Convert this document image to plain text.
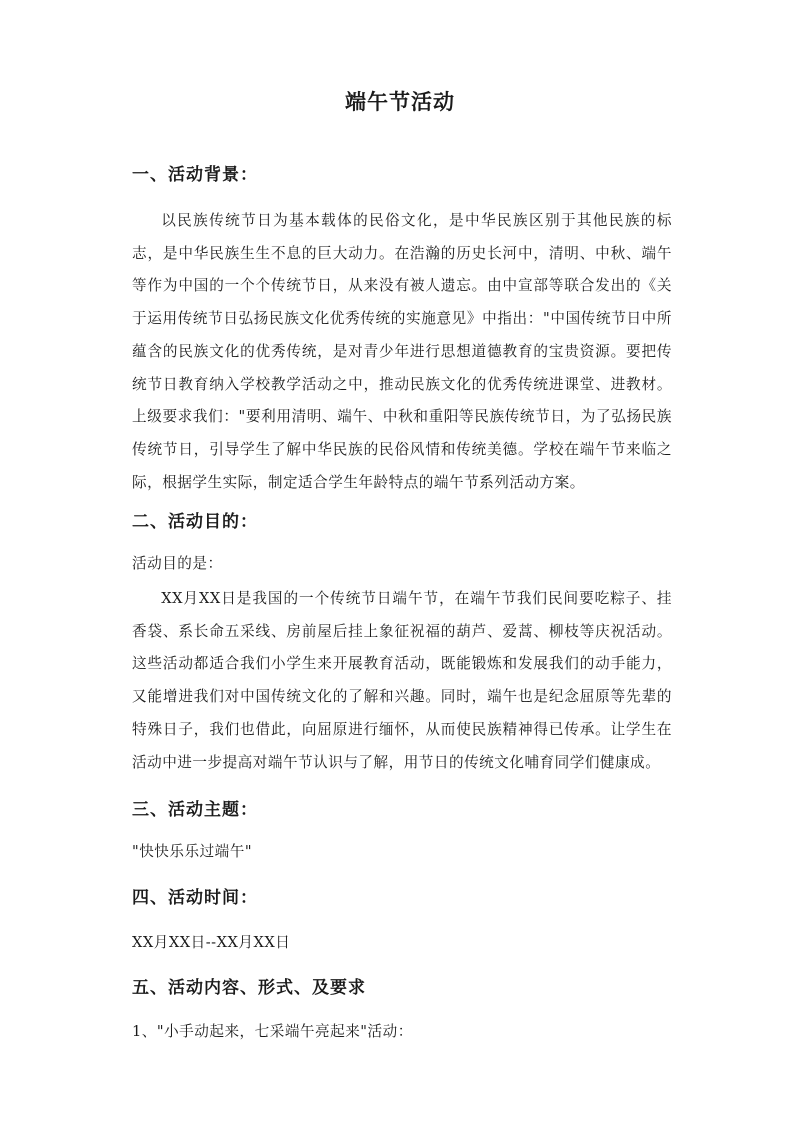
端午节活动
一、活动背景：

以民族传统节日为基本载体的民俗文化，是中华民族区别于其他民族的标志，是中华民族生生不息的巨大动力。在浩瀚的历史长河中，清明、中秋、端午等作为中国的一个个传统节日，从来没有被人遗忘。由中宣部等联合发出的《关于运用传统节日弘扬民族文化优秀传统的实施意见》中指出："中国传统节日中所蕴含的民族文化的优秀传统，是对青少年进行思想道德教育的宝贵资源。要把传统节日教育纳入学校教学活动之中，推动民族文化的优秀传统进课堂、进教材。上级要求我们："要利用清明、端午、中秋和重阳等民族传统节日，为了弘扬民族传统节日，引导学生了解中华民族的民俗风情和传统美德。学校在端午节来临之际，根据学生实际，制定适合学生年龄特点的端午节系列活动方案。

二、活动目的：

活动目的是：

XX月XX日是我国的一个传统节日端午节，在端午节我们民间要吃粽子、挂香袋、系长命五采线、房前屋后挂上象征祝福的葫芦、爱蒿、柳枝等庆祝活动。这些活动都适合我们小学生来开展教育活动，既能锻炼和发展我们的动手能力，又能增进我们对中国传统文化的了解和兴趣。同时，端午也是纪念屈原等先辈的特殊日子，我们也借此，向屈原进行缅怀，从而使民族精神得已传承。让学生在活动中进一步提高对端午节认识与了解，用节日的传统文化哺育同学们健康成。

三、活动主题：

"快快乐乐过端午"

四、活动时间：

XX月XX日--XX月XX日

五、活动内容、形式、及要求

1、"小手动起来，七采端午亮起来"活动：
